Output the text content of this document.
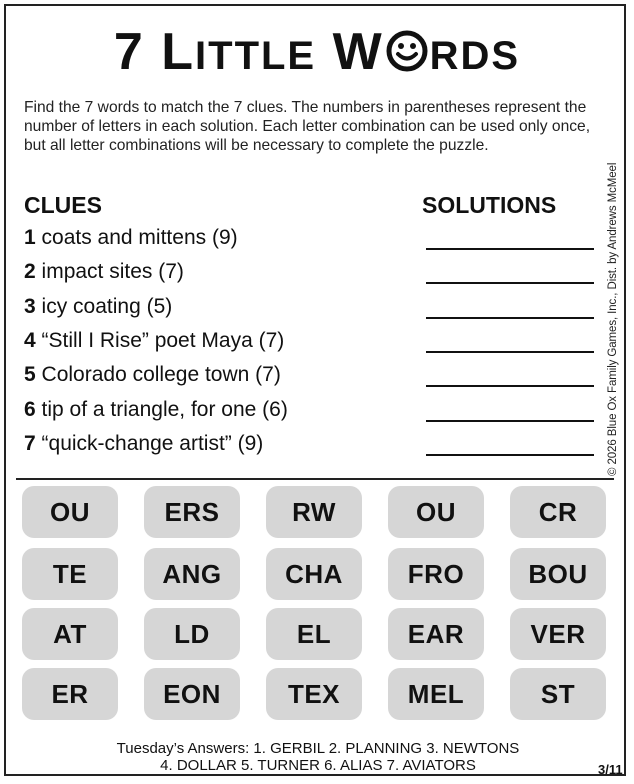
7 LITTLE W RDS
Find the 7 words to match the 7 clues. The numbers in parentheses represent the number of letters in each solution. Each letter combination can be used only once, but all letter combinations will be necessary to complete the puzzle.
© 2026 Blue Ox Family Games, Inc., Dist. by Andrews McMeel
CLUES	SOLUTIONS
1 coats and mittens (9)
2 impact sites (7)
3 icy coating (5)
4 “Still I Rise” poet Maya (7)
5 Colorado college town (7)
6 tip of a triangle, for one (6)
7 “quick-change artist” (9)
OU	ERS	RW	OU	CR
TE	ANG	CHA	FRO	BOU
AT	LD	EL	EAR	VER
ER	EON	TEX	MEL	ST
Tuesday’s Answers: 1. GERBIL 2. PLANNING 3. NEWTONS
4. DOLLAR 5. TURNER 6. ALIAS 7. AVIATORS	3/11
